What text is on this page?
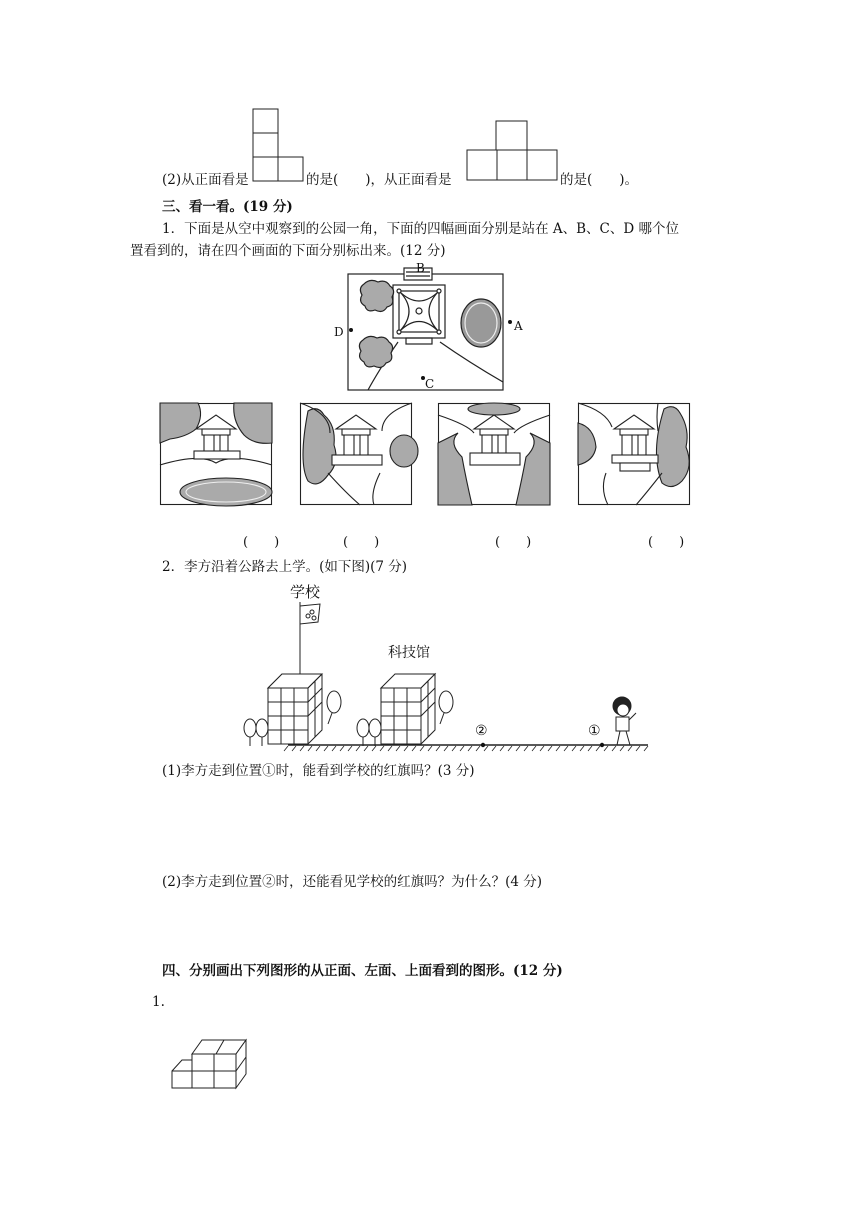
(2)从正面看是	的是(　　)，从正面看是	的是(　　)。
三、看一看。(19 分)
1．下面是从空中观察到的公园一角，下面的四幅画面分别是站在 A、B、C、D 哪个位
置看到的，请在四个画面的下面分别标出来。(12 分)
B
A
D
C
(　　)	(　　)	(　　)	(　　)
2．李方沿着公路去上学。(如下图)(7 分)
学校
科技馆
②	①
(1)李方走到位置①时，能看到学校的红旗吗？(3 分)
(2)李方走到位置②时，还能看见学校的红旗吗？为什么？(4 分)
四、分别画出下列图形的从正面、左面、上面看到的图形。(12 分)
1.
